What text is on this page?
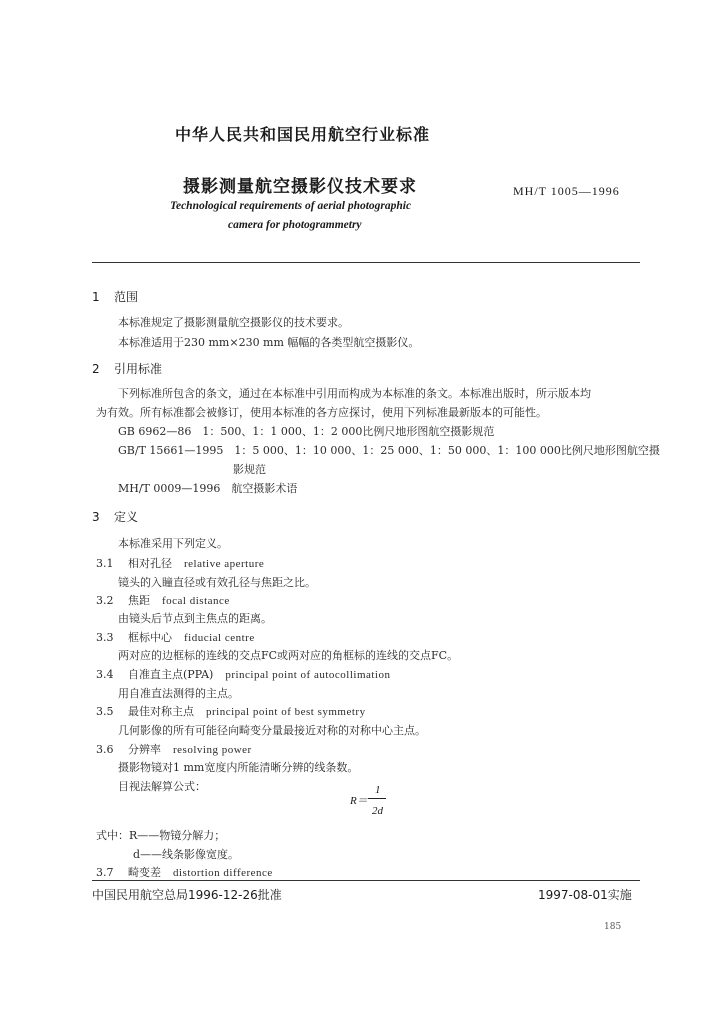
中华人民共和国民用航空行业标准
摄影测量航空摄影仪技术要求	MH/T 1005—1996
Technological requirements of aerial photographic
camera for photogrammetry
1 范围
本标准规定了摄影测量航空摄影仪的技术要求。
本标准适用于230 mm×230 mm 幅幅的各类型航空摄影仪。
2 引用标准
下列标准所包含的条文，通过在本标准中引用而构成为本标准的条文。本标准出版时，所示版本均
为有效。所有标准都会被修订，使用本标准的各方应探讨，使用下列标准最新版本的可能性。
GB 6962—86　1：500、1：1 000、1：2 000比例尺地形图航空摄影规范
GB/T 15661—1995　1：5 000、1：10 000、1：25 000、1：50 000、1：100 000比例尺地形图航空摄
影规范
MH/T 0009—1996　航空摄影术语
3 定义
本标准采用下列定义。
3.1 相对孔径 relative aperture
镜头的入瞳直径或有效孔径与焦距之比。
3.2 焦距 focal distance
由镜头后节点到主焦点的距离。
3.3 框标中心 fiducial centre
两对应的边框标的连线的交点FC或两对应的角框标的连线的交点FC。
3.4 自准直主点(PPA) principal point of autocollimation
用自准直法测得的主点。
3.5 最佳对称主点 principal point of best symmetry
几何影像的所有可能径向畸变分量最接近对称的对称中心主点。
3.6 分辨率 resolving power
摄影物镜对1 mm宽度内所能清晰分辨的线条数。
目视法解算公式：
R＝
1
2d
式中：R——物镜分解力；
d——线条影像宽度。
3.7 畸变差 distortion difference
中国民用航空总局1996-12-26批准	1997-08-01实施
185
